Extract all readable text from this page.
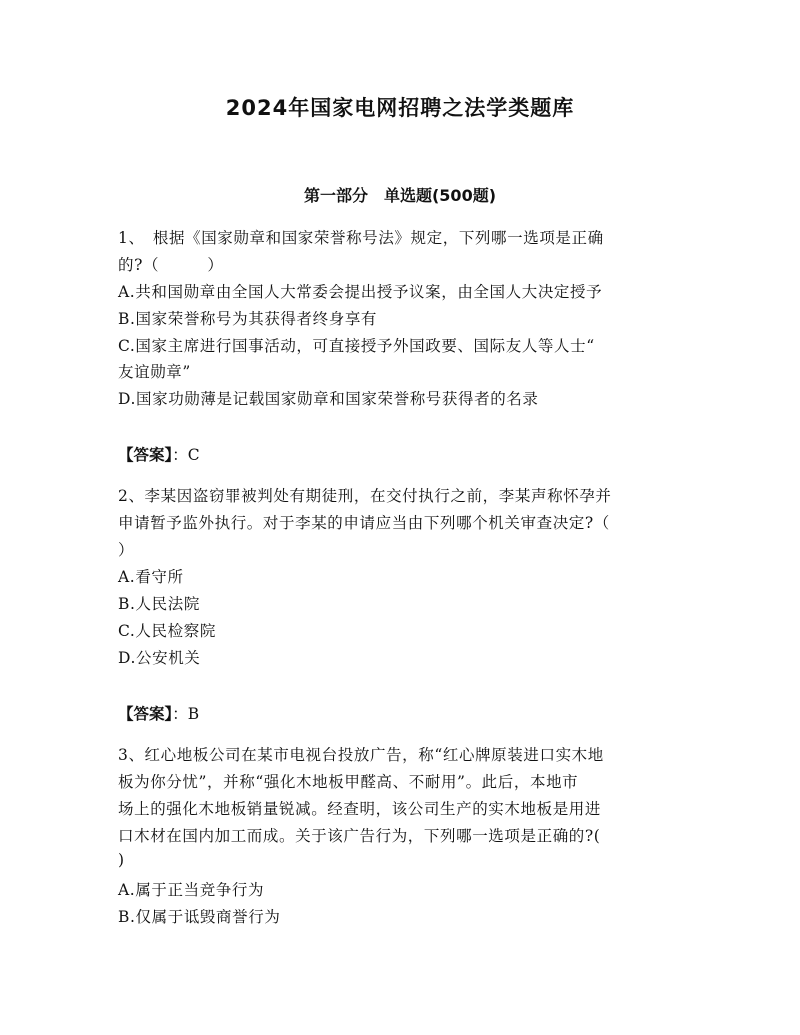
2024年国家电网招聘之法学类题库
第一部分　单选题(500题)
1、　根据《国家勋章和国家荣誉称号法》规定，下列哪一选项是正确
的?（　　　）
A.共和国勋章由全国人大常委会提出授予议案，由全国人大决定授予
B.国家荣誉称号为其获得者终身享有
C.国家主席进行国事活动，可直接授予外国政要、国际友人等人士“
友谊勋章”
D.国家功勋薄是记载国家勋章和国家荣誉称号获得者的名录
【答案】：C
2、李某因盗窃罪被判处有期徒刑，在交付执行之前，李某声称怀孕并
申请暂予监外执行。对于李某的申请应当由下列哪个机关审查决定?（
）
A.看守所
B.人民法院
C.人民检察院
D.公安机关
【答案】：B
3、红心地板公司在某市电视台投放广告，称“红心牌原装进口实木地
板为你分忧”，并称“强化木地板甲醛高、不耐用”。此后，本地市
场上的强化木地板销量锐减。经查明，该公司生产的实木地板是用进
口木材在国内加工而成。关于该广告行为，下列哪一选项是正确的?(
)
A.属于正当竞争行为
B.仅属于诋毁商誉行为
